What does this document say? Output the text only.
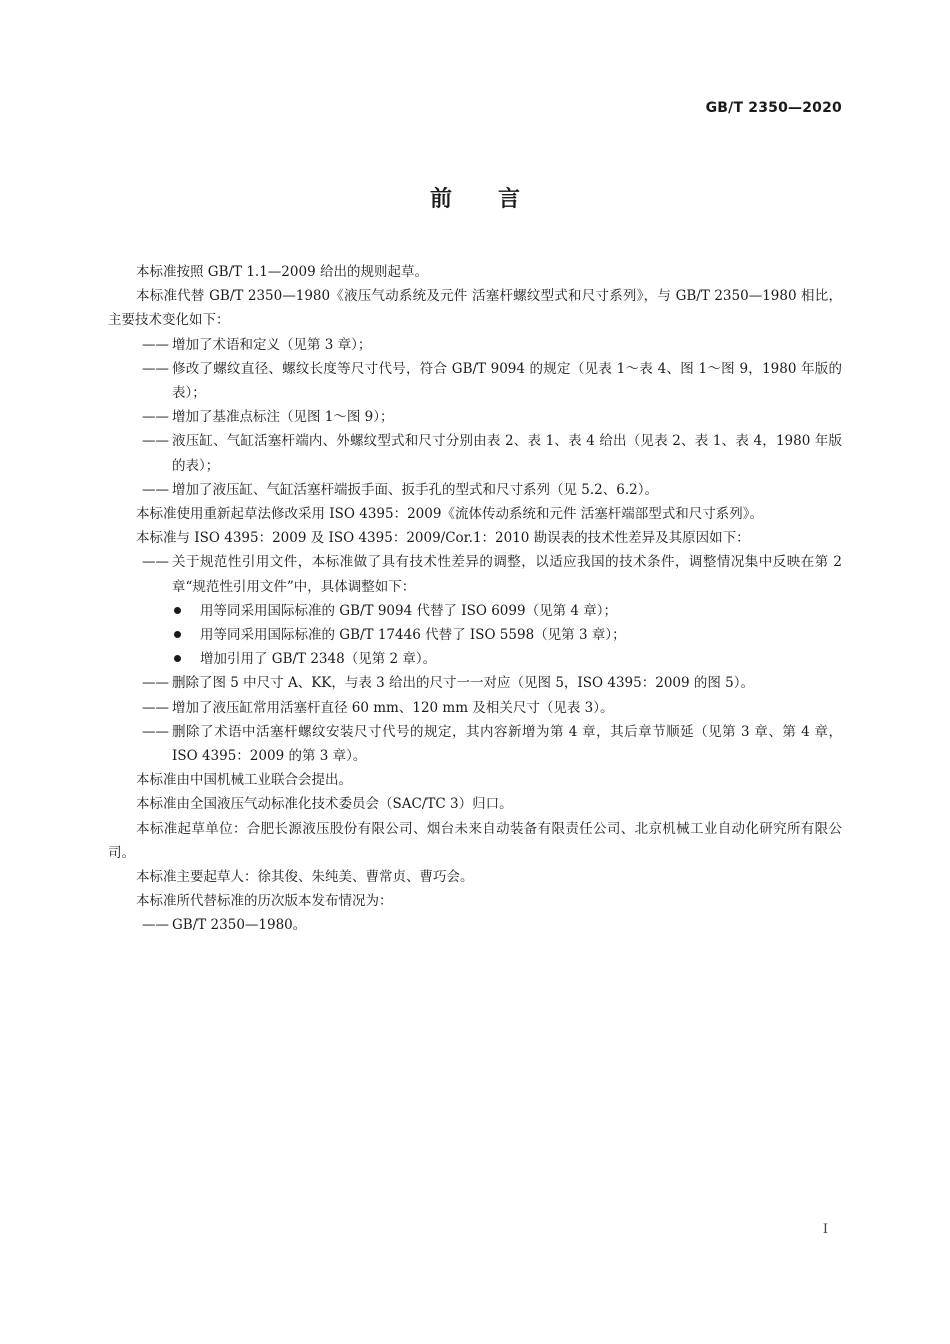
GB/T 2350—2020
前言

本标准按照 GB/T 1.1—2009 给出的规则起草。

本标准代替 GB/T 2350—1980《液压气动系统及元件 活塞杆螺纹型式和尺寸系列》，与 GB/T 2350—1980 相比，主要技术变化如下：

—— 增加了术语和定义（见第 3 章）；

—— 修改了螺纹直径、螺纹长度等尺寸代号，符合 GB/T 9094 的规定（见表 1～表 4、图 1～图 9，1980 年版的表）；

—— 增加了基准点标注（见图 1～图 9）；

—— 液压缸、气缸活塞杆端内、外螺纹型式和尺寸分别由表 2、表 1、表 4 给出（见表 2、表 1、表 4，1980 年版的表）；

—— 增加了液压缸、气缸活塞杆端扳手面、扳手孔的型式和尺寸系列（见 5.2、6.2）。

本标准使用重新起草法修改采用 ISO 4395：2009《流体传动系统和元件 活塞杆端部型式和尺寸系列》。

本标准与 ISO 4395：2009 及 ISO 4395：2009/Cor.1：2010 勘误表的技术性差异及其原因如下：

—— 关于规范性引用文件，本标准做了具有技术性差异的调整，以适应我国的技术条件，调整情况集中反映在第 2 章“规范性引用文件”中，具体调整如下：

用等同采用国际标准的 GB/T 9094 代替了 ISO 6099（见第 4 章）；

用等同采用国际标准的 GB/T 17446 代替了 ISO 5598（见第 3 章）；

增加引用了 GB/T 2348（见第 2 章）。

—— 删除了图 5 中尺寸 A、KK，与表 3 给出的尺寸一一对应（见图 5，ISO 4395：2009 的图 5）。

—— 增加了液压缸常用活塞杆直径 60 mm、120 mm 及相关尺寸（见表 3）。

—— 删除了术语中活塞杆螺纹安装尺寸代号的规定，其内容新增为第 4 章，其后章节顺延（见第 3 章、第 4 章，ISO 4395：2009 的第 3 章）。

本标准由中国机械工业联合会提出。

本标准由全国液压气动标准化技术委员会（SAC/TC 3）归口。

本标准起草单位：合肥长源液压股份有限公司、烟台未来自动装备有限责任公司、北京机械工业自动化研究所有限公司。

本标准主要起草人：徐其俊、朱纯美、曹常贞、曹巧会。

本标准所代替标准的历次版本发布情况为：

—— GB/T 2350—1980。

I
